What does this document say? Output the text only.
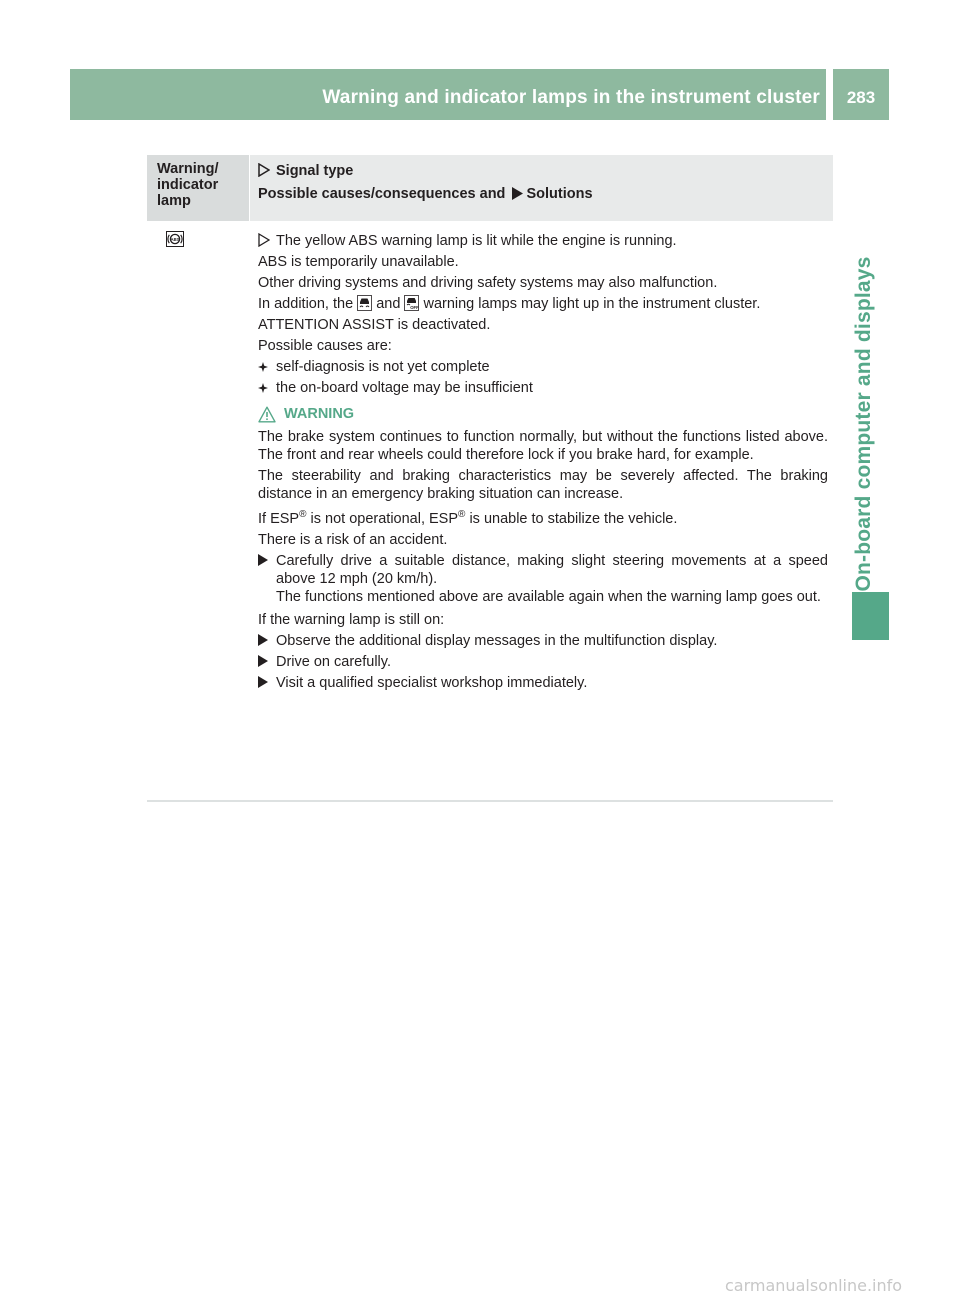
Warning and indicator lamps in the instrument cluster	283
On-board computer and displays
Warning/
indicator
lamp
Signal type
Possible causes/consequences and Solutions
ABS	The yellow ABS warning lamp is lit while the engine is running.

ABS is temporarily unavailable.

Other driving systems and driving safety systems may also malfunction.

In addition, the and OFF warning lamps may light up in the instrument cluster.

ATTENTION ASSIST is deactivated.

Possible causes are:

self-diagnosis is not yet complete
the on-board voltage may be insufficient
WARNING

The brake system continues to function normally, but without the functions listed above. The front and rear wheels could therefore lock if you brake hard, for example.

The steerability and braking characteristics may be severely affected. The braking distance in an emergency braking situation can increase.

If ESP® is not operational, ESP® is unable to stabilize the vehicle.

There is a risk of an accident.

Carefully drive a suitable distance, making slight steering movements at a speed above 12 mph (20 km/h).
The functions mentioned above are available again when the warning lamp goes out.

If the warning lamp is still on:

Observe the additional display messages in the multifunction display.
Drive on carefully.
Visit a qualified specialist workshop immediately.
carmanualsonline.info
